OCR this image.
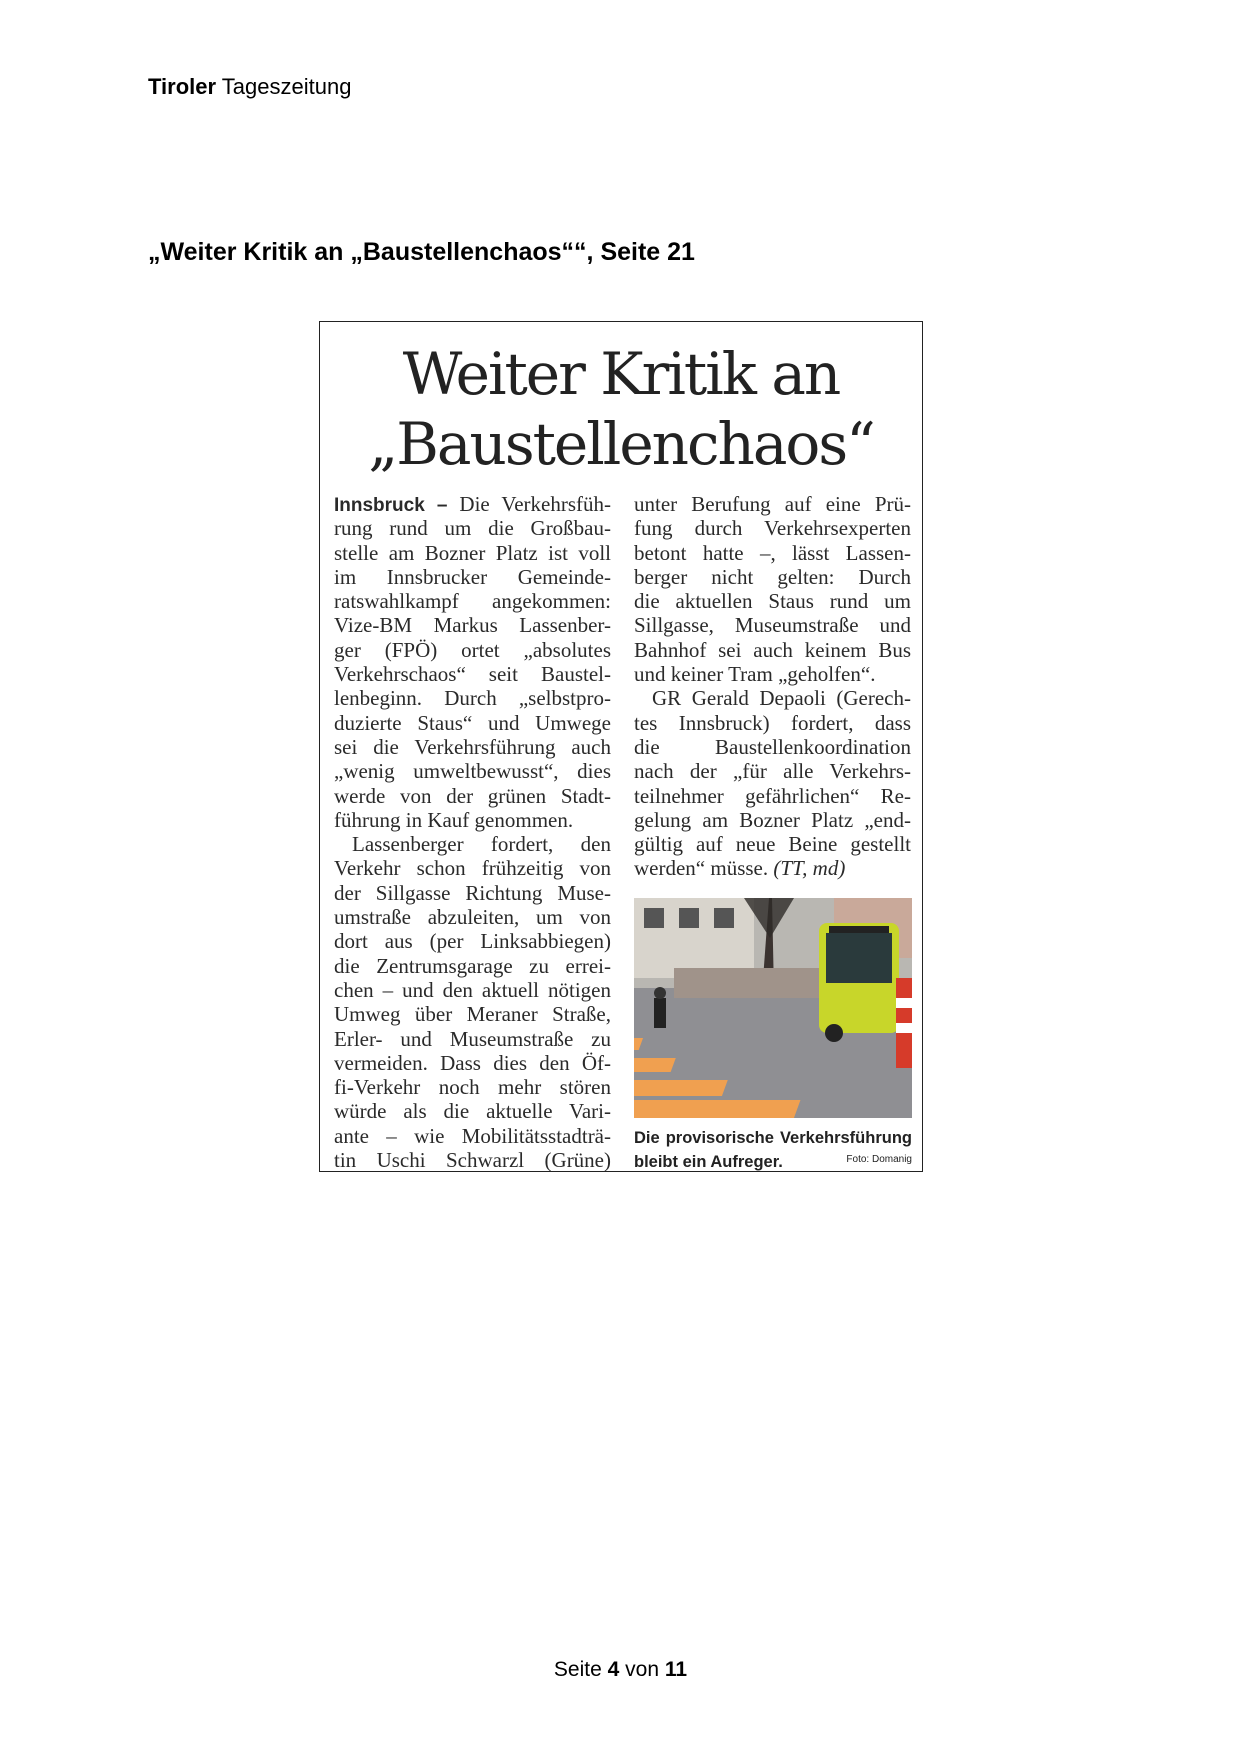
Tiroler Tageszeitung
„Weiter Kritik an „Baustellenchaos““, Seite 21
Weiter Kritik an
„Baustellenchaos“
Innsbruck – Die Verkehrsfüh-
rung rund um die Großbau-
stelle am Bozner Platz ist voll
im Innsbrucker Gemeinde-
ratswahlkampf angekommen:
Vize-BM Markus Lassenber-
ger (FPÖ) ortet „absolutes
Verkehrschaos“ seit Baustel-
lenbeginn. Durch „selbstpro-
duzierte Staus“ und Umwege
sei die Verkehrsführung auch
„wenig umweltbewusst“, dies
werde von der grünen Stadt-
führung in Kauf genommen.
Lassenberger fordert, den
Verkehr schon frühzeitig von
der Sillgasse Richtung Muse-
umstraße abzuleiten, um von
dort aus (per Linksabbiegen)
die Zentrumsgarage zu errei-
chen – und den aktuell nötigen
Umweg über Meraner Straße,
Erler- und Museumstraße zu
vermeiden. Dass dies den Öf-
fi-Verkehr noch mehr stören
würde als die aktuelle Vari-
ante – wie Mobilitätsstadträ-
tin Uschi Schwarzl (Grüne)
unter Berufung auf eine Prü-
fung durch Verkehrsexperten
betont hatte –, lässt Lassen-
berger nicht gelten: Durch
die aktuellen Staus rund um
Sillgasse, Museumstraße und
Bahnhof sei auch keinem Bus
und keiner Tram „geholfen“.
GR Gerald Depaoli (Gerech-
tes Innsbruck) fordert, dass
die Baustellenkoordination
nach der „für alle Verkehrs-
teilnehmer gefährlichen“ Re-
gelung am Bozner Platz „end-
gültig auf neue Beine gestellt
werden“ müsse. (TT, md)
Die provisorische Verkehrsführung
bleibt ein Aufreger.	Foto: Domanig
Seite 4 von 11
